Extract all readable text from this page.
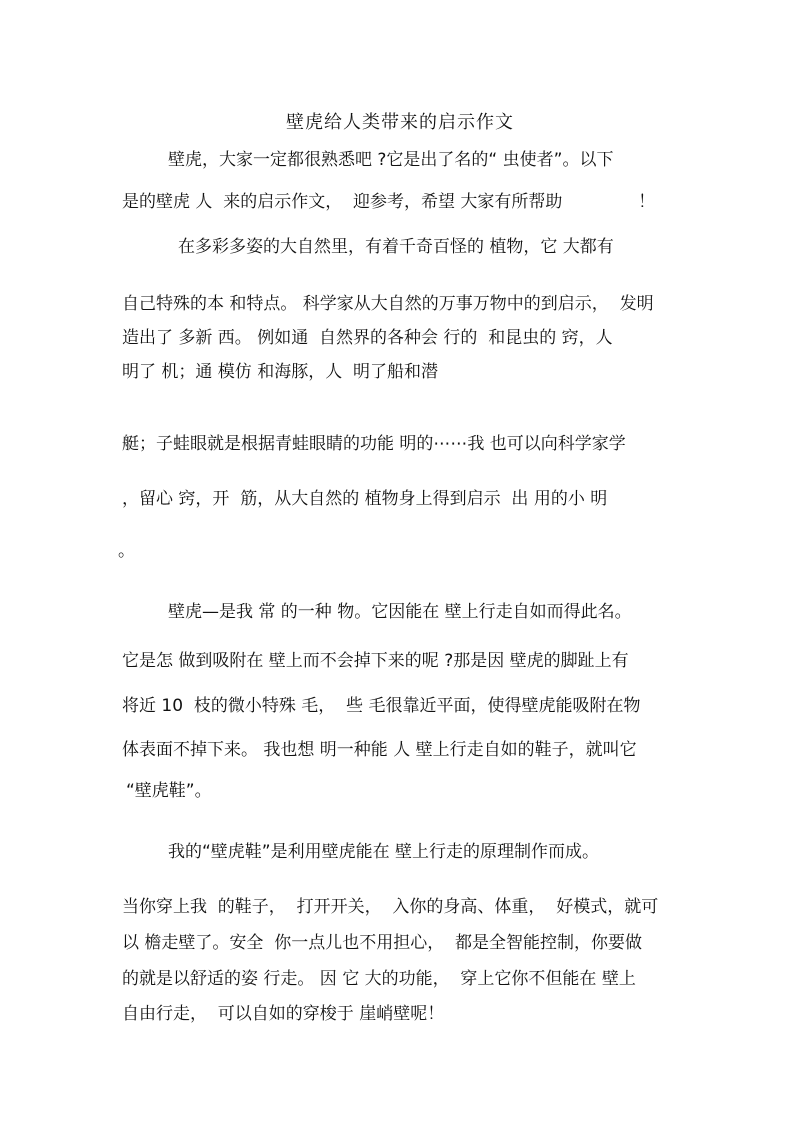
壁虎给人类带来的启示作文
壁虎，大家一定都很熟悉吧 ?它是出了名的“ 虫使者”。以下
是的壁虎 人  来的启示作文，  迎参考，希望 大家有所帮助              ！
在多彩多姿的大自然里，有着千奇百怪的 植物，它 大都有
自己特殊的本 和特点。 科学家从大自然的万事万物中的到启示，  发明
造出了 多新 西。 例如通  自然界的各种会 行的  和昆虫的 窍，人
明了 机；通 模仿 和海豚，人  明了船和潜
艇；子蛙眼就是根据青蛙眼睛的功能 明的⋯⋯我 也可以向科学家学
，留心 窍，开  筋，从大自然的 植物身上得到启示  出 用的小 明
。
壁虎—是我 常 的一种 物。它因能在 壁上行走自如而得此名。
它是怎 做到吸附在 壁上而不会掉下来的呢 ?那是因 壁虎的脚趾上有
将近 10  枝的微小特殊 毛，  些 毛很靠近平面，使得壁虎能吸附在物
体表面不掉下来。 我也想 明一种能 人 壁上行走自如的鞋子，就叫它
“壁虎鞋”。
我的“壁虎鞋”是利用壁虎能在 壁上行走的原理制作而成。
当你穿上我  的鞋子，  打开开关，  入你的身高、体重，  好模式，就可
以 檐走壁了。安全  你一点儿也不用担心，  都是全智能控制，你要做
的就是以舒适的姿 行走。 因 它 大的功能，  穿上它你不但能在 壁上
自由行走，  可以自如的穿梭于 崖峭壁呢！
